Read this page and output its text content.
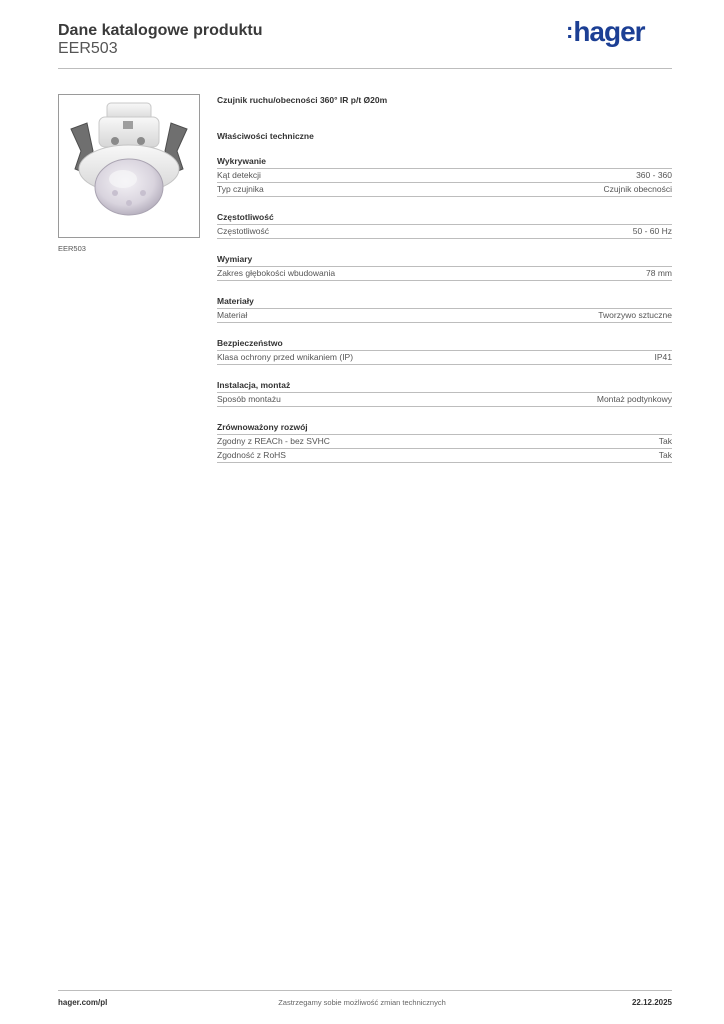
Dane katalogowe produktu
EER503
:hager
EER503
Czujnik ruchu/obecności 360° IR p/t Ø20m
Właściwości techniczne
Wykrywanie
Kąt detekcji	360 - 360
Typ czujnika	Czujnik obecności
Częstotliwość
Częstotliwość	50 - 60 Hz
Wymiary
Zakres głębokości wbudowania	78 mm
Materiały
Materiał	Tworzywo sztuczne
Bezpieczeństwo
Klasa ochrony przed wnikaniem (IP)	IP41
Instalacja, montaż
Sposób montażu	Montaż podtynkowy
Zrównoważony rozwój
Zgodny z REACh - bez SVHC	Tak
Zgodność z RoHS	Tak
hager.com/pl	Zastrzegamy sobie możliwość zmian technicznych	22.12.2025
